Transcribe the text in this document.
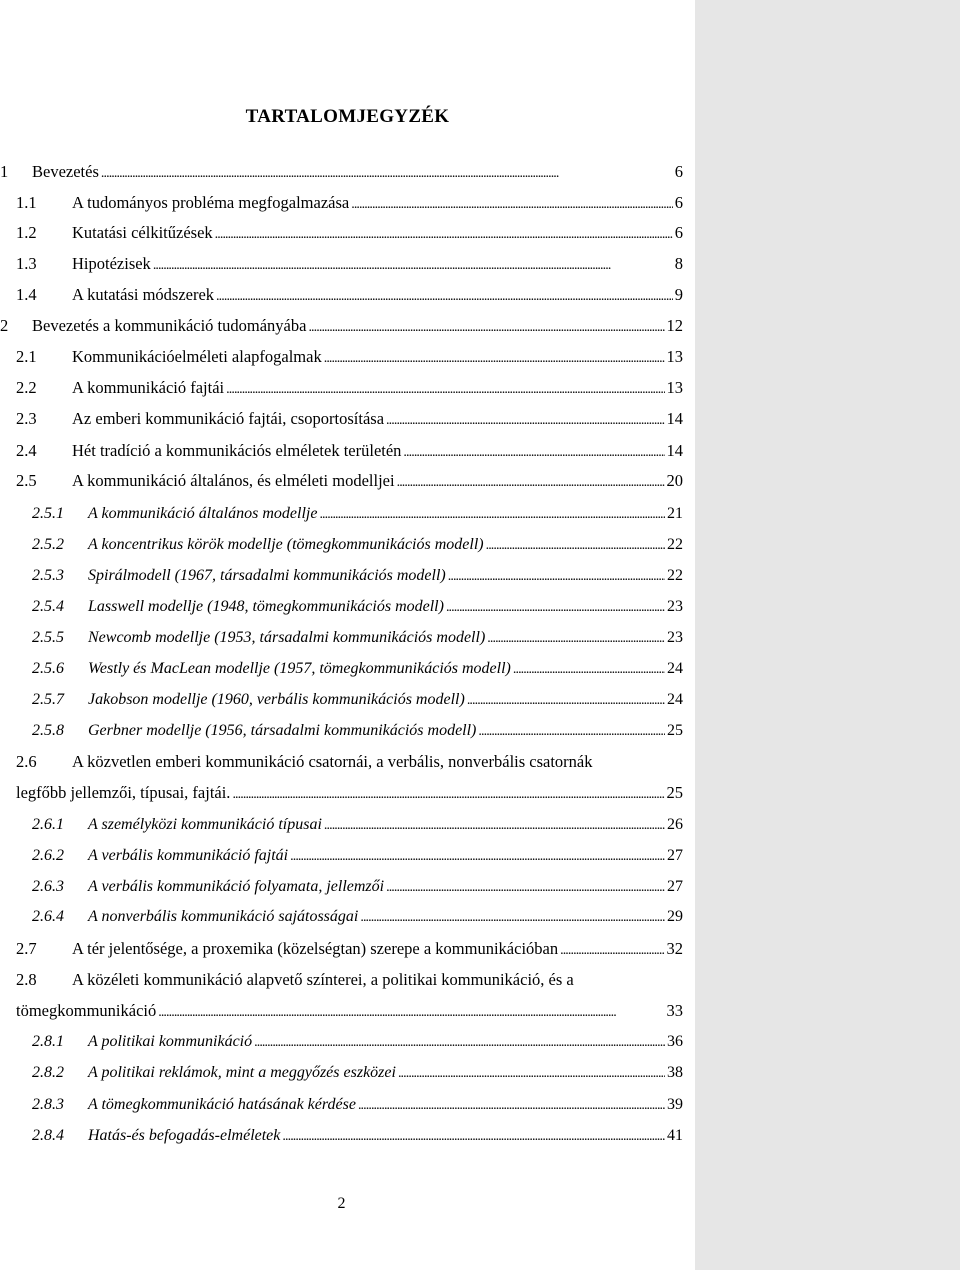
TARTALOMJEGYZÉK
1 Bevezetés . . .	6
1.1 A tudományos probléma megfogalmazása . . .	6
1.2 Kutatási célkitűzések . . .	6
1.3 Hipotézisek . . .	8
1.4 A kutatási módszerek . . .	9
2 Bevezetés a kommunikáció tudományába . . .	12
2.1 Kommunikációelméleti alapfogalmak . . .	13
2.2 A kommunikáció fajtái . . .	13
2.3 Az emberi kommunikáció fajtái, csoportosítása . . .	14
2.4 Hét tradíció a kommunikációs elméletek területén . . .	14
2.5 A kommunikáció általános, és elméleti modelljei . . .	20
2.5.1 A kommunikáció általános modellje . . .	21
2.5.2 A koncentrikus körök modellje (tömegkommunikációs modell) . . .	22
2.5.3 Spirálmodell (1967, társadalmi kommunikációs modell) . . .	22
2.5.4 Lasswell modellje (1948, tömegkommunikációs modell) . . .	23
2.5.5 Newcomb modellje (1953, társadalmi kommunikációs modell) . . .	23
2.5.6 Westly és MacLean modellje (1957, tömegkommunikációs modell) . . .	24
2.5.7 Jakobson modellje (1960, verbális kommunikációs modell) . . .	24
2.5.8 Gerbner modellje (1956, társadalmi kommunikációs modell) . . .	25
2.6 A közvetlen emberi kommunikáció csatornái, a verbális, nonverbális csatornák
legfőbb jellemzői, típusai, fajtái. . . .	25
2.6.1 A személyközi kommunikáció típusai . . .	26
2.6.2 A verbális kommunikáció fajtái . . .	27
2.6.3 A verbális kommunikáció folyamata, jellemzői . . .	27
2.6.4 A nonverbális kommunikáció sajátosságai . . .	29
2.7 A tér jelentősége, a proxemika (közelségtan) szerepe a kommunikációban . . .	32
2.8 A közéleti kommunikáció alapvető színterei, a politikai kommunikáció, és a
tömegkommunikáció . . .	33
2.8.1 A politikai kommunikáció . . .	36
2.8.2 A politikai reklámok, mint a meggyőzés eszközei . . .	38
2.8.3 A tömegkommunikáció hatásának kérdése . . .	39
2.8.4 Hatás-és befogadás-elméletek . . .	41
2
